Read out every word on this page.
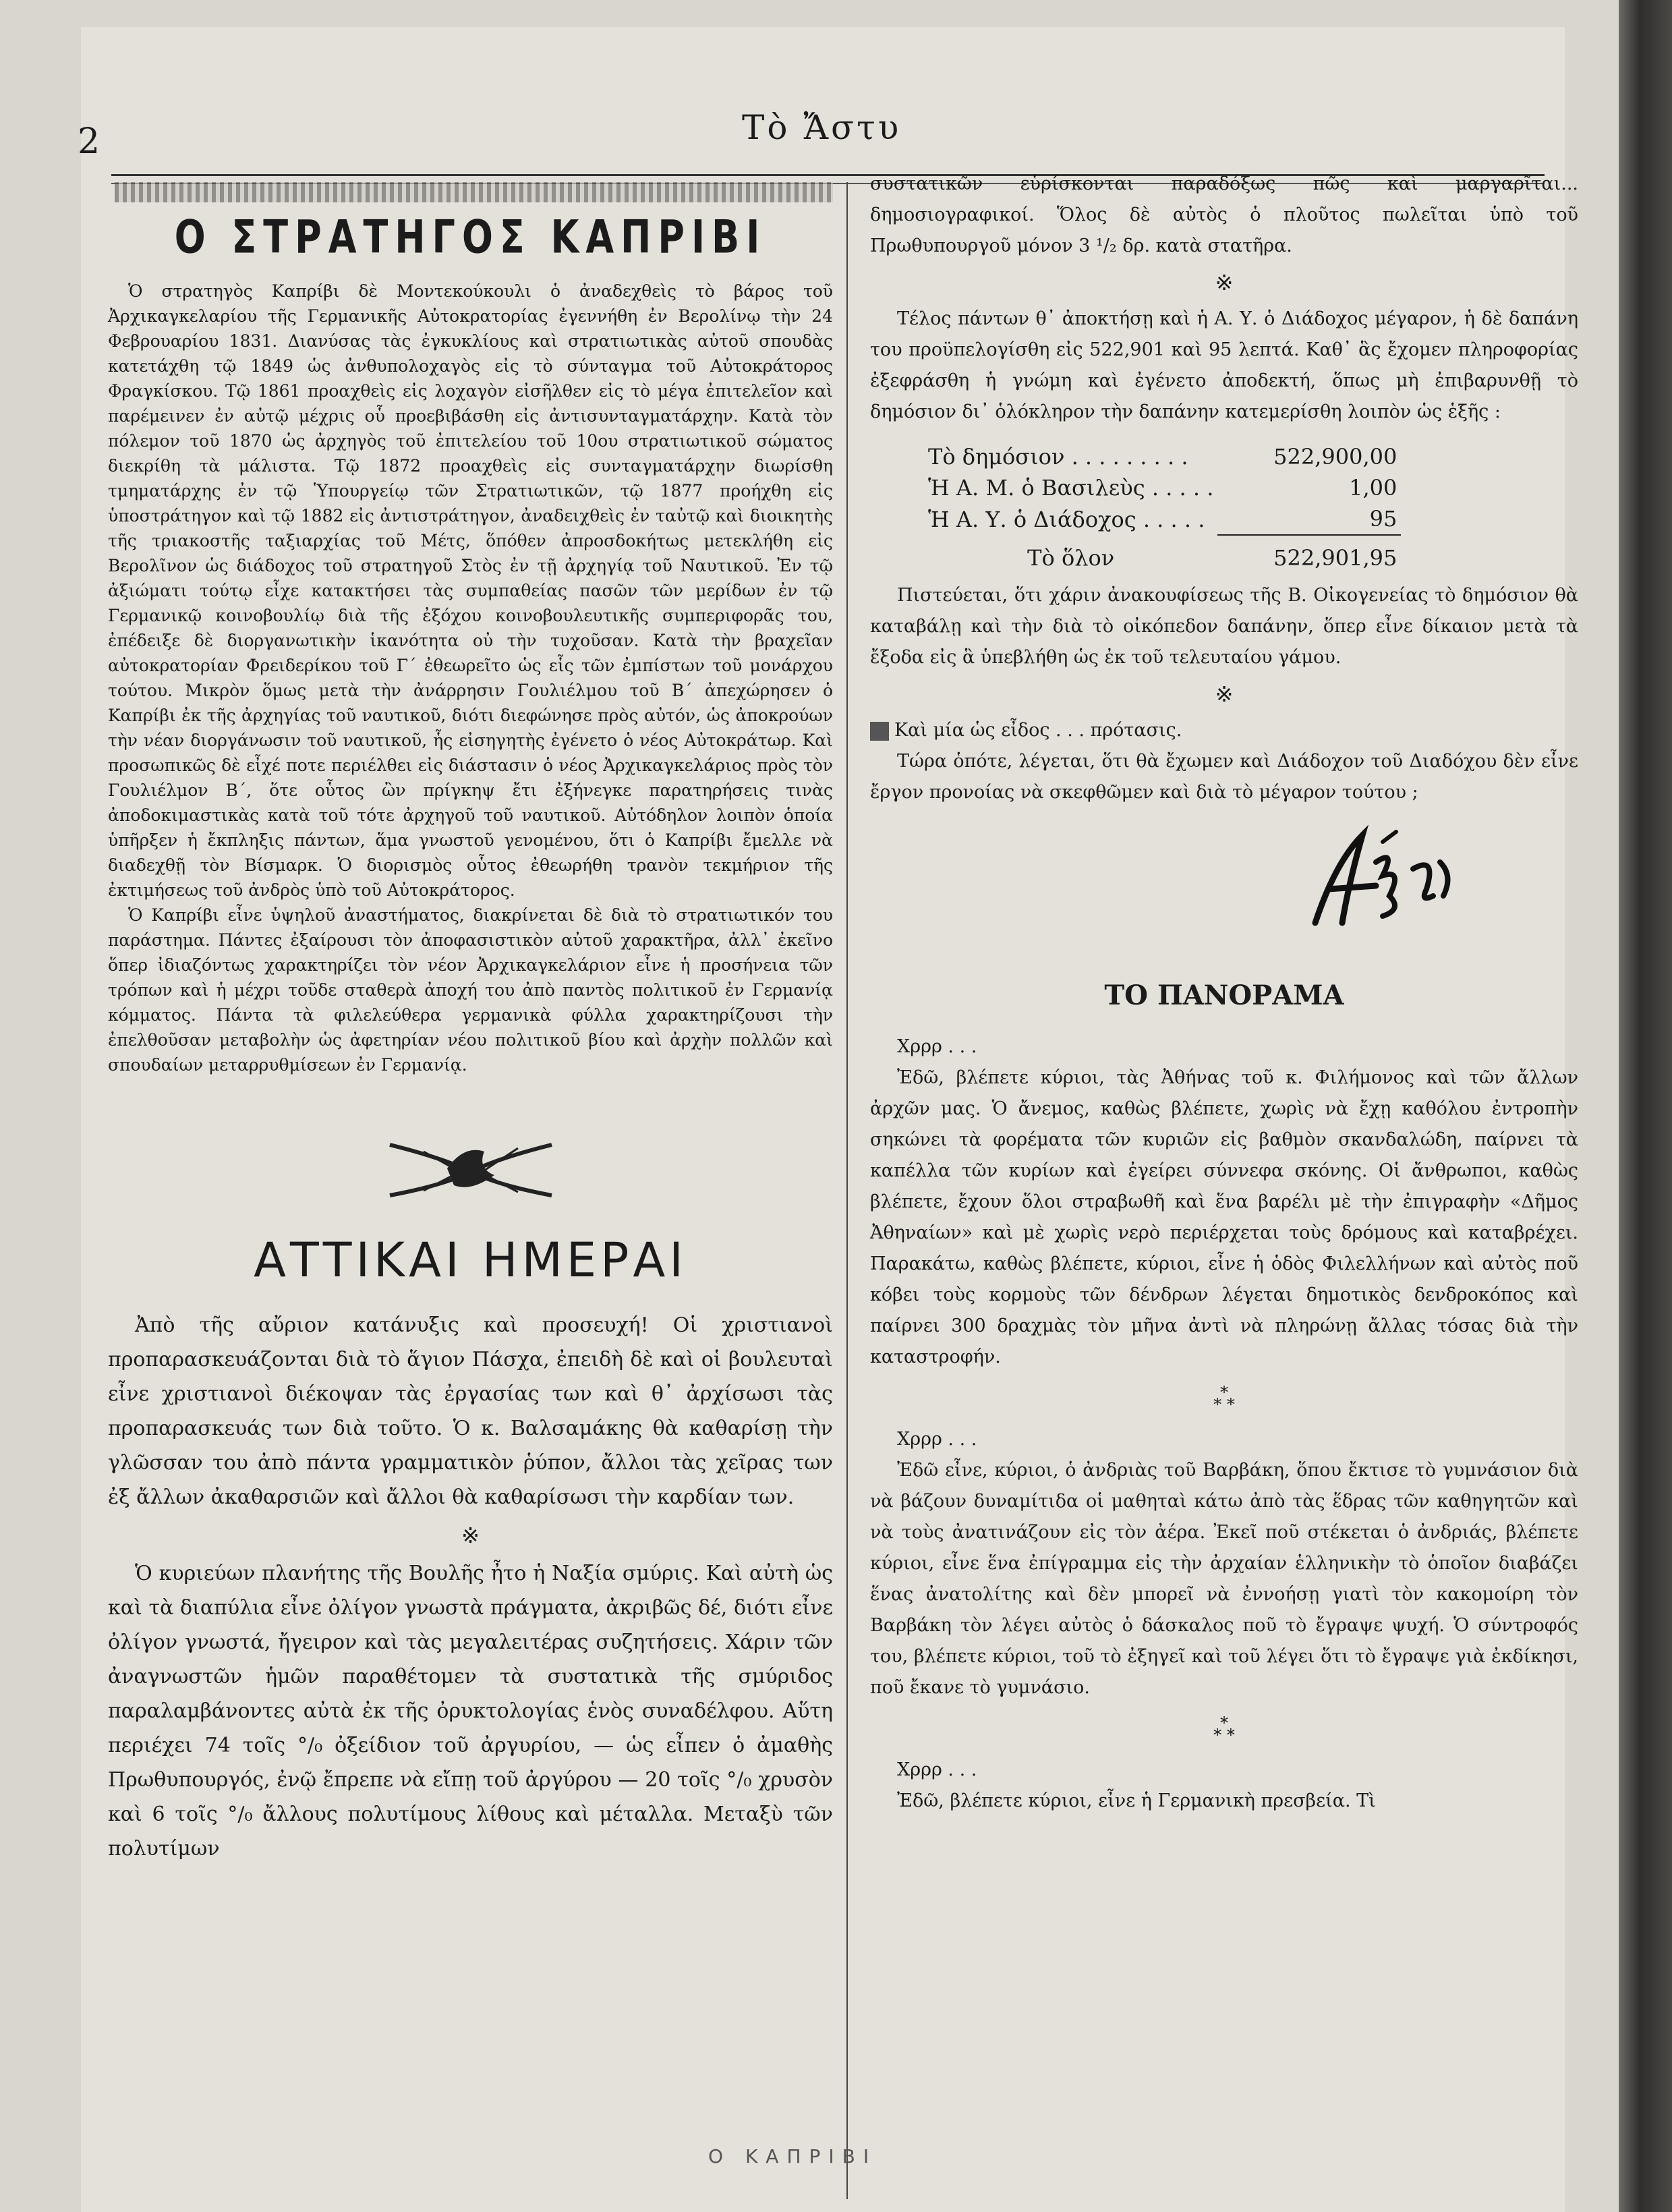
2	Τὸ Ἄστυ
Ο ΣΤΡΑΤΗΓΟΣ ΚΑΠΡΙΒΙ

Ὁ στρατηγὸς Καπρίβι δὲ Μοντεκούκουλι ὁ ἀναδεχθεὶς τὸ βάρος τοῦ Ἀρχικαγκελαρίου τῆς Γερμανικῆς Αὐτοκρατορίας ἐγεννήθη ἐν Βερολίνῳ τὴν 24 Φεβρουαρίου 1831. Διανύσας τὰς ἐγκυκλίους καὶ στρατιωτικὰς αὐτοῦ σπουδὰς κατετάχθη τῷ 1849 ὡς ἀνθυπολοχαγὸς εἰς τὸ σύνταγμα τοῦ Αὐτοκράτορος Φραγκίσκου. Τῷ 1861 προαχθεὶς εἰς λοχαγὸν εἰσῆλθεν εἰς τὸ μέγα ἐπιτελεῖον καὶ παρέμεινεν ἐν αὐτῷ μέχρις οὗ προεβιβάσθη εἰς ἀντισυνταγματάρχην. Κατὰ τὸν πόλεμον τοῦ 1870 ὡς ἀρχηγὸς τοῦ ἐπιτελείου τοῦ 10ου στρατιωτικοῦ σώματος διεκρίθη τὰ μάλιστα. Τῷ 1872 προαχθεὶς εἰς συνταγματάρχην διωρίσθη τμηματάρχης ἐν τῷ Ὑπουργείῳ τῶν Στρατιωτικῶν, τῷ 1877 προήχθη εἰς ὑποστράτηγον καὶ τῷ 1882 εἰς ἀντιστράτηγον, ἀναδειχθεὶς ἐν ταὐτῷ καὶ διοικητὴς τῆς τριακοστῆς ταξιαρχίας τοῦ Μέτς, ὅπόθεν ἀπροσδοκήτως μετεκλήθη εἰς Βερολῖνον ὡς διάδοχος τοῦ στρατηγοῦ Στὸς ἐν τῇ ἀρχηγίᾳ τοῦ Ναυτικοῦ. Ἐν τῷ ἀξιώματι τούτῳ εἶχε κατακτήσει τὰς συμπαθείας πασῶν τῶν μερίδων ἐν τῷ Γερμανικῷ κοινοβουλίῳ διὰ τῆς ἐξόχου κοινοβουλευτικῆς συμπεριφορᾶς του, ἐπέδειξε δὲ διοργανωτικὴν ἱκανότητα οὐ τὴν τυχοῦσαν. Κατὰ τὴν βραχεῖαν αὐτοκρατορίαν Φρειδερίκου τοῦ Γ´ ἐθεωρεῖτο ὡς εἷς τῶν ἐμπίστων τοῦ μονάρχου τούτου. Μικρὸν ὅμως μετὰ τὴν ἀνάρρησιν Γουλιέλμου τοῦ Β´ ἀπεχώρησεν ὁ Καπρίβι ἐκ τῆς ἀρχηγίας τοῦ ναυτικοῦ, διότι διεφώνησε πρὸς αὐτόν, ὡς ἀποκρούων τὴν νέαν διοργάνωσιν τοῦ ναυτικοῦ, ἧς εἰσηγητὴς ἐγένετο ὁ νέος Αὐτοκράτωρ. Καὶ προσωπικῶς δὲ εἶχέ ποτε περιέλθει εἰς διάστασιν ὁ νέος Ἀρχικαγκελάριος πρὸς τὸν Γουλιέλμον Β´, ὅτε οὗτος ὢν πρίγκηψ ἔτι ἐξήνεγκε παρατηρήσεις τινὰς ἀποδοκιμαστικὰς κατὰ τοῦ τότε ἀρχηγοῦ τοῦ ναυτικοῦ. Αὐτόδηλον λοιπὸν ὁποία ὑπῆρξεν ἡ ἔκπληξις πάντων, ἅμα γνωστοῦ γενομένου, ὅτι ὁ Καπρίβι ἔμελλε νὰ διαδεχθῇ τὸν Βίσμαρκ. Ὁ διορισμὸς οὗτος ἐθεωρήθη τρανὸν τεκμήριον τῆς ἐκτιμήσεως τοῦ ἀνδρὸς ὑπὸ τοῦ Αὐτοκράτορος.

Ὁ Καπρίβι εἶνε ὑψηλοῦ ἀναστήματος, διακρίνεται δὲ διὰ τὸ στρατιωτικόν του παράστημα. Πάντες ἐξαίρουσι τὸν ἀποφασιστικὸν αὐτοῦ χαρακτῆρα, ἀλλ᾽ ἐκεῖνο ὅπερ ἰδιαζόντως χαρακτηρίζει τὸν νέον Ἀρχικαγκελάριον εἶνε ἡ προσήνεια τῶν τρόπων καὶ ἡ μέχρι τοῦδε σταθερὰ ἀποχή του ἀπὸ παντὸς πολιτικοῦ ἐν Γερμανίᾳ κόμματος. Πάντα τὰ φιλελεύθερα γερμανικὰ φύλλα χαρακτηρίζουσι τὴν ἐπελθοῦσαν μεταβολὴν ὡς ἀφετηρίαν νέου πολιτικοῦ βίου καὶ ἀρχὴν πολλῶν καὶ σπουδαίων μεταρρυθμίσεων ἐν Γερμανίᾳ.

ΑΤΤΙΚΑΙ ΗΜΕΡΑΙ

Ἀπὸ τῆς αὔριον κατάνυξις καὶ προσευχή! Οἱ χριστιανοὶ προπαρασκευάζονται διὰ τὸ ἅγιον Πάσχα, ἐπειδὴ δὲ καὶ οἱ βουλευταὶ εἶνε χριστιανοὶ διέκοψαν τὰς ἐργασίας των καὶ θ᾽ ἀρχίσωσι τὰς προπαρασκευάς των διὰ τοῦτο. Ὁ κ. Βαλσαμάκης θὰ καθαρίσῃ τὴν γλῶσσαν του ἀπὸ πάντα γραμματικὸν ῥύπον, ἄλλοι τὰς χεῖρας των ἐξ ἄλλων ἀκαθαρσιῶν καὶ ἄλλοι θὰ καθαρίσωσι τὴν καρδίαν των.

※

Ὁ κυριεύων πλανήτης τῆς Βουλῆς ἦτο ἡ Ναξία σμύρις. Καὶ αὐτὴ ὡς καὶ τὰ διαπύλια εἶνε ὀλίγον γνωστὰ πράγματα, ἀκριβῶς δέ, διότι εἶνε ὀλίγον γνωστά, ἤγειρον καὶ τὰς μεγαλειτέρας συζητήσεις. Χάριν τῶν ἀναγνωστῶν ἡμῶν παραθέτομεν τὰ συστατικὰ τῆς σμύριδος παραλαμβάνοντες αὐτὰ ἐκ τῆς ὀρυκτολογίας ἑνὸς συναδέλφου. Αὕτη περιέχει 74 τοῖς °/₀ ὀξείδιον τοῦ ἀργυρίου, — ὡς εἶπεν ὁ ἀμαθὴς Πρωθυπουργός, ἐνῷ ἔπρεπε νὰ εἴπῃ τοῦ ἀργύρου — 20 τοῖς °/₀ χρυσὸν καὶ 6 τοῖς °/₀ ἄλλους πολυτίμους λίθους καὶ μέταλλα. Μεταξὺ τῶν πολυτίμων

συστατικῶν εὑρίσκονται παραδόξως πῶς καὶ μαργαρῖται... δημοσιογραφικοί. Ὅλος δὲ αὐτὸς ὁ πλοῦτος πωλεῖται ὑπὸ τοῦ Πρωθυπουργοῦ μόνον 3 ¹/₂ δρ. κατὰ στατῆρα.

※

Τέλος πάντων θ᾽ ἀποκτήσῃ καὶ ἡ Α. Υ. ὁ Διάδοχος μέγαρον, ἡ δὲ δαπάνη του προϋπελογίσθη εἰς 522,901 καὶ 95 λεπτά. Καθ᾽ ἃς ἔχομεν πληροφορίας ἐξεφράσθη ἡ γνώμη καὶ ἐγένετο ἀποδεκτή, ὅπως μὴ ἐπιβαρυνθῇ τὸ δημόσιον δι᾽ ὁλόκληρον τὴν δαπάνην κατεμερίσθη λοιπὸν ὡς ἑξῆς :

Τὸ δημόσιον . . . . . . . . .	522,900,00
Ἡ Α. Μ. ὁ Βασιλεὺς . . . . .	1,00
Ἡ Α. Υ. ὁ Διάδοχος . . . . .	95
Τὸ ὅλον	522,901,95

Πιστεύεται, ὅτι χάριν ἀνακουφίσεως τῆς Β. Οἰκογενείας τὸ δημόσιον θὰ καταβάλῃ καὶ τὴν διὰ τὸ οἰκόπεδον δαπάνην, ὅπερ εἶνε δίκαιον μετὰ τὰ ἔξοδα εἰς ἃ ὑπεβλήθη ὡς ἐκ τοῦ τελευταίου γάμου.

※

Καὶ μία ὡς εἶδος . . . πρότασις.

Τώρα ὁπότε, λέγεται, ὅτι θὰ ἔχωμεν καὶ Διάδοχον τοῦ Διαδόχου δὲν εἶνε ἔργον προνοίας νὰ σκεφθῶμεν καὶ διὰ τὸ μέγαρον τούτου ;

ΤΟ ΠΑΝΟΡΑΜΑ

Χρρρ . . .

Ἐδῶ, βλέπετε κύριοι, τὰς Ἀθήνας τοῦ κ. Φιλήμονος καὶ τῶν ἄλλων ἀρχῶν μας. Ὁ ἄνεμος, καθὼς βλέπετε, χωρὶς νὰ ἔχῃ καθόλου ἐντροπὴν σηκώνει τὰ φορέματα τῶν κυριῶν εἰς βαθμὸν σκανδαλώδη, παίρνει τὰ καπέλλα τῶν κυρίων καὶ ἐγείρει σύννεφα σκόνης. Οἱ ἄνθρωποι, καθὼς βλέπετε, ἔχουν ὅλοι στραβωθῆ καὶ ἕνα βαρέλι μὲ τὴν ἐπιγραφὴν «Δῆμος Ἀθηναίων» καὶ μὲ χωρὶς νερὸ περιέρχεται τοὺς δρόμους καὶ καταβρέχει. Παρακάτω, καθὼς βλέπετε, κύριοι, εἶνε ἡ ὁδὸς Φιλελλήνων καὶ αὐτὸς ποῦ κόβει τοὺς κορμοὺς τῶν δένδρων λέγεται δημοτικὸς δενδροκόπος καὶ παίρνει 300 δραχμὰς τὸν μῆνα ἀντὶ νὰ πληρώνῃ ἄλλας τόσας διὰ τὴν καταστροφήν.

*
* *

Χρρρ . . .

Ἐδῶ εἶνε, κύριοι, ὁ ἀνδριὰς τοῦ Βαρβάκη, ὅπου ἔκτισε τὸ γυμνάσιον διὰ νὰ βάζουν δυναμίτιδα οἱ μαθηταὶ κάτω ἀπὸ τὰς ἕδρας τῶν καθηγητῶν καὶ νὰ τοὺς ἀνατινάζουν εἰς τὸν ἀέρα. Ἐκεῖ ποῦ στέκεται ὁ ἀνδριάς, βλέπετε κύριοι, εἶνε ἕνα ἐπίγραμμα εἰς τὴν ἀρχαίαν ἑλληνικὴν τὸ ὁποῖον διαβάζει ἕνας ἀνατολίτης καὶ δὲν μπορεῖ νὰ ἐννοήσῃ γιατὶ τὸν κακομοίρη τὸν Βαρβάκη τὸν λέγει αὐτὸς ὁ δάσκαλος ποῦ τὸ ἔγραψε ψυχή. Ὁ σύντροφός του, βλέπετε κύριοι, τοῦ τὸ ἐξηγεῖ καὶ τοῦ λέγει ὅτι τὸ ἔγραψε γιὰ ἐκδίκησι, ποῦ ἔκανε τὸ γυμνάσιο.

*
* *

Χρρρ . . .

Ἐδῶ, βλέπετε κύριοι, εἶνε ἡ Γερμανικὴ πρεσβεία. Τὶ

Ο ΚΑΠΡΙΒΙ
